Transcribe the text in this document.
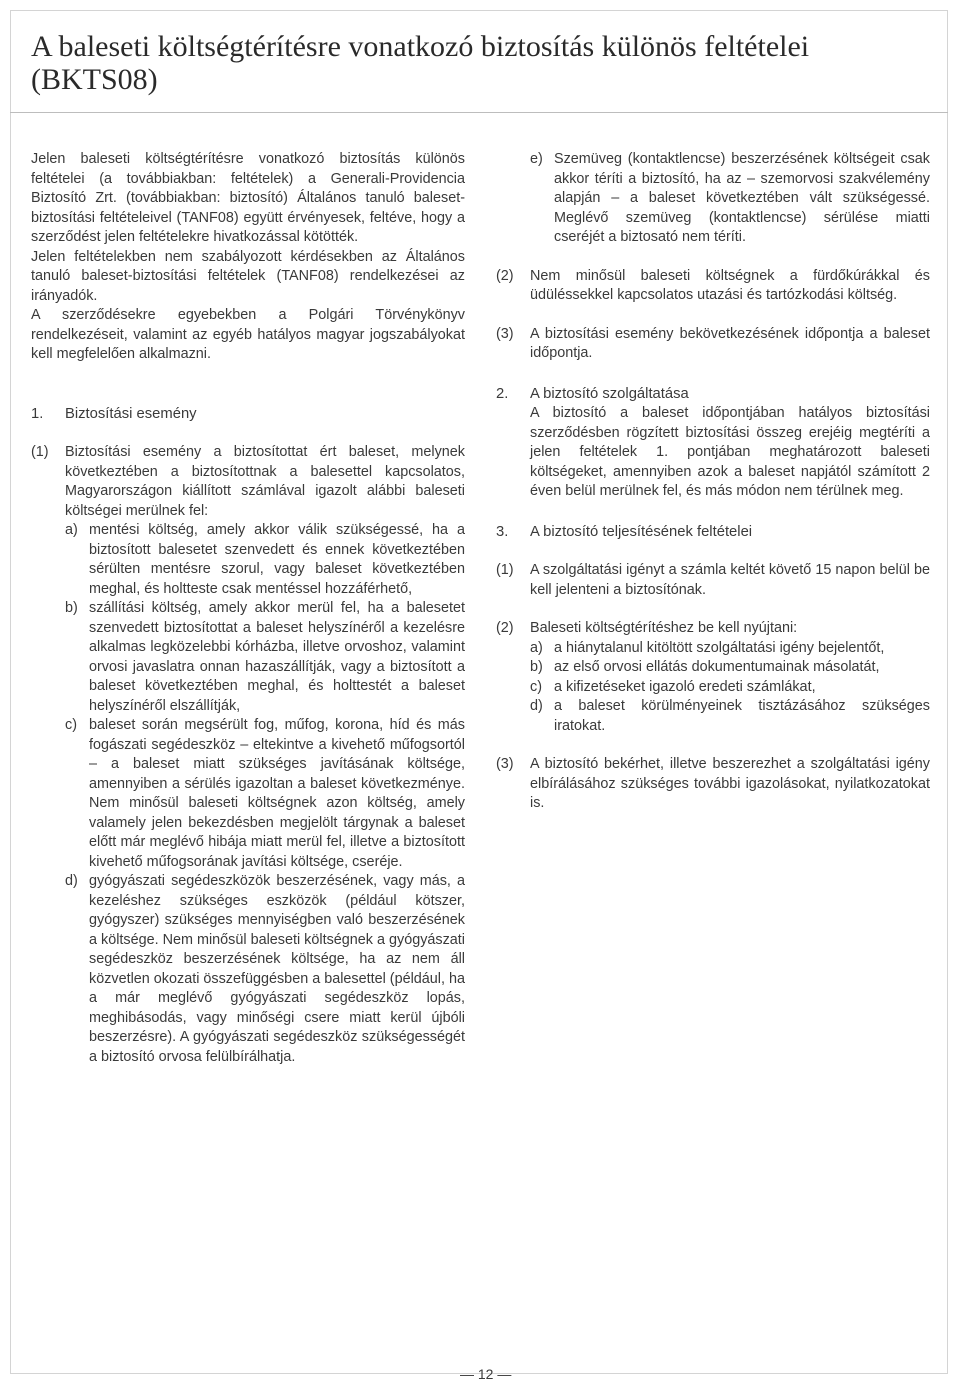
A baleseti költségtérítésre vonatkozó biztosítás különös feltételei (BKTS08)

Jelen baleseti költségtérítésre vonatkozó biztosítás különös feltételei (a továbbiakban: feltételek) a Generali-Providencia Biztosító Zrt. (továbbiakban: biztosító) Általános tanuló baleset-biztosítási feltételeivel (TANF08) együtt érvényesek, feltéve, hogy a szerződést jelen feltételekre hivatkozással kötötték.

Jelen feltételekben nem szabályozott kérdésekben az Általános tanuló baleset-biztosítási feltételek (TANF08) rendelkezései az irányadók.

A szerződésekre egyebekben a Polgári Törvénykönyv rendelkezéseit, valamint az egyéb hatályos magyar jogszabályokat kell megfelelően alkalmazni.

1. Biztosítási esemény
(1)	Biztosítási esemény a biztosítottat ért baleset, melynek következtében a biztosítottnak a balesettel kapcsolatos, Magyarországon kiállított számlával igazolt alábbi baleseti költségei merülnek fel:

a) mentési költség, amely akkor válik szükségessé, ha a biztosított balesetet szenvedett és ennek következtében sérülten mentésre szorul, vagy baleset következtében meghal, és holtteste csak mentéssel hozzáférhető,
b) szállítási költség, amely akkor merül fel, ha a balesetet szenvedett biztosítottat a baleset helyszínéről a kezelésre alkalmas legközelebbi kórházba, illetve orvoshoz, valamint orvosi javaslatra onnan hazaszállítják, vagy a biztosított a baleset következtében meghal, és holttestét a baleset helyszínéről elszállítják,
c) baleset során megsérült fog, műfog, korona, híd és más fogászati segédeszköz – eltekintve a kivehető műfogsortól – a baleset miatt szükséges javításának költsége, amennyiben a sérülés igazoltan a baleset következménye. Nem minősül baleseti költségnek azon költség, amely valamely jelen bekezdésben megjelölt tárgynak a baleset előtt már meglévő hibája miatt merül fel, illetve a biztosított kivehető műfogsorának javítási költsége, cseréje.
d) gyógyászati segédeszközök beszerzésének, vagy más, a kezeléshez szükséges eszközök (például kötszer, gyógyszer) szükséges mennyiségben való beszerzésének a költsége. Nem minősül baleseti költségnek a gyógyászati segédeszköz beszerzésének költsége, ha az nem áll közvetlen okozati összefüggésben a balesettel (például, ha a már meglévő gyógyászati segédeszköz lopás, meghibásodás, vagy minőségi csere miatt kerül újbóli beszerzésre). A gyógyászati segédeszköz szükségességét a biztosító orvosa felülbírálhatja.
e) Szemüveg (kontaktlencse) beszerzésének költségeit csak akkor téríti a biztosító, ha az – szemorvosi szakvélemény alapján – a baleset következtében vált szükségessé. Meglévő szemüveg (kontaktlencse) sérülése miatti cseréjét a biztosató nem téríti.
(2)	Nem minősül baleseti költségnek a fürdőkúrákkal és üdüléssekkel kapcsolatos utazási és tartózkodási költség.
(3)	A biztosítási esemény bekövetkezésének időpontja a baleset időpontja.
2. A biztosító szolgáltatása
A biztosító a baleset időpontjában hatályos biztosítási szerződésben rögzített biztosítási összeg erejéig megtéríti a jelen feltételek 1. pontjában meghatározott baleseti költségeket, amennyiben azok a baleset napjától számított 2 éven belül merülnek fel, és más módon nem térülnek meg.
3. A biztosító teljesítésének feltételei
(1)	A szolgáltatási igényt a számla keltét követő 15 napon belül be kell jelenteni a biztosítónak.
(2)	Baleseti költségtérítéshez be kell nyújtani:

a) a hiánytalanul kitöltött szolgáltatási igény bejelentőt,
b) az első orvosi ellátás dokumentumainak másolatát,
c) a kifizetéseket igazoló eredeti számlákat,
d) a baleset körülményeinek tisztázásához szükséges iratokat.
(3)	A biztosító bekérhet, illetve beszerezhet a szolgáltatási igény elbírálásához szükséges további igazolásokat, nyilatkozatokat is.
— 12 —
